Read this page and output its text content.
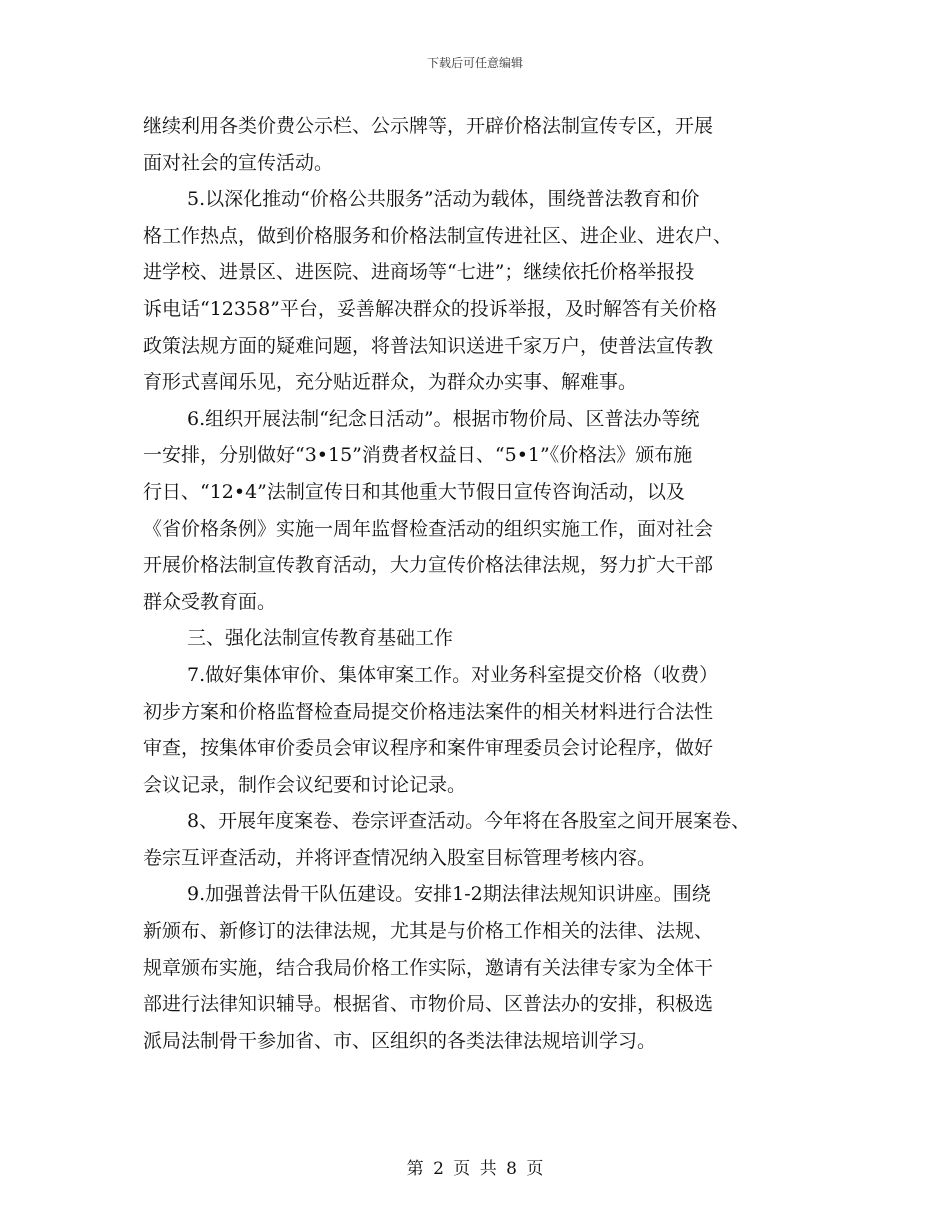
下载后可任意编辑
继续利用各类价费公示栏、公示牌等，开辟价格法制宣传专区，开展
面对社会的宣传活动。
5.以深化推动“价格公共服务”活动为载体，围绕普法教育和价
格工作热点，做到价格服务和价格法制宣传进社区、进企业、进农户、
进学校、进景区、进医院、进商场等“七进”；继续依托价格举报投
诉电话“12358”平台，妥善解决群众的投诉举报，及时解答有关价格
政策法规方面的疑难问题，将普法知识送进千家万户，使普法宣传教
育形式喜闻乐见，充分贴近群众，为群众办实事、解难事。
6.组织开展法制“纪念日活动”。根据市物价局、区普法办等统
一安排，分别做好“3•15”消费者权益日、“5•1”《价格法》颁布施
行日、“12•4”法制宣传日和其他重大节假日宣传咨询活动，以及
《省价格条例》实施一周年监督检查活动的组织实施工作，面对社会
开展价格法制宣传教育活动，大力宣传价格法律法规，努力扩大干部
群众受教育面。
三、强化法制宣传教育基础工作
7.做好集体审价、集体审案工作。对业务科室提交价格（收费）
初步方案和价格监督检查局提交价格违法案件的相关材料进行合法性
审查，按集体审价委员会审议程序和案件审理委员会讨论程序，做好
会议记录，制作会议纪要和讨论记录。
8、开展年度案卷、卷宗评查活动。今年将在各股室之间开展案卷、
卷宗互评查活动，并将评查情况纳入股室目标管理考核内容。
9.加强普法骨干队伍建设。安排1-2期法律法规知识讲座。围绕
新颁布、新修订的法律法规，尤其是与价格工作相关的法律、法规、
规章颁布实施，结合我局价格工作实际，邀请有关法律专家为全体干
部进行法律知识辅导。根据省、市物价局、区普法办的安排，积极选
派局法制骨干参加省、市、区组织的各类法律法规培训学习。
第 2 页 共 8 页
